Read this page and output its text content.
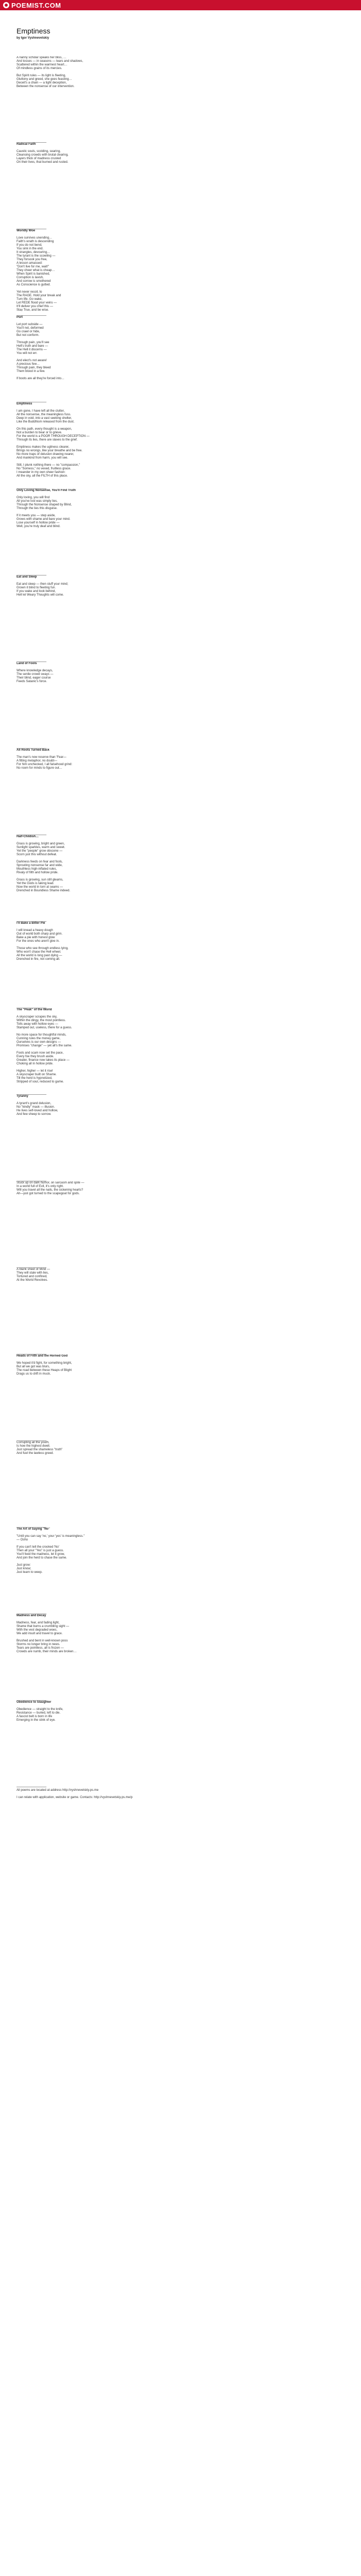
POEMIST.COM
Emptiness
by Igor Vyshnevetskiy
A nanny scholar speaks her bliss, …
And tosses — in seasons — tears and shadows,
Scattered within the warmest heart…
Of mindless grains of its mercies.
But Spirit rules — its light is fleeting,
Gluttony and greed, she goes feasting…
Deceit's a chain — a tight deception,
Between the nonsense of our intervention.
Radical Faith
Caustic souls, scolding, searing,
Cleansing crowds with brutal clearing,
Layers thick of madness crusted
On their lives, that burned and rusted.
Worldly Woe
Love survives unending…
Faith's wrath is descending
If you do not bend,
You sink in the end.
It strangles, devouring…
The tyrant is the scowling —
They forsook you free,
A lesson amassed:
"Don't live for me, wait!"
They cheer what is cheap…
When Spirit is banished,
Corruption is lavish,
And sorrow is smothered
As Conscience is gutted.
Yet never recoil, to
The RAGE. Hold your break and
Turn life. Go wake,
Let REDE flood your veins —
It'll deliver you chief this —
Stay True, and be wise.
Port
Let port subside —
You'll not, deformed
Go crawl or hide,
But not conform.
Through pain, you'll see
Hell's truth and bare —
The Hell it discerns —
You will not err.
And elect's not aware!
A precious few…
Through pain, they bleed
Them blood in a few.
If boots are all they're forced into…
Emptiness
I am gone, I have left all the clutter,
All the nonsense, the meaningless fuss.
Deep in void, into a vast seeking shelter,
Like the Buddhism released from the dust.
On this path, every thought is a weapon,
Not a burden to bear or to grieve.
For the world is a POOR THROUGH DECEPTION —
Through its lies, there are slaves to the grief.
Emptiness makes the ugliness clearer,
Brings no wrongs, like your breathe and be free.
No more traps of delusion drawing nearer,
And mankind from harm, you will see.
Still, I plunk nothing there — no "compassion,"
No "Sorness," no vexed, fruitless grace.
I meander in my own sheer fashion:
All the sky, all the FILTH of this place.
Only Loving Nonsense, You'll Find Truth
Only loving, you will find
All you've lost was simply lies,
Through the Nonsense shaped by Blind,
Through the lies this disguise.
If it meets you — step aside,
Grows with shame and bare your mind.
Lose yourself in hollow pride —
Well, you're truly deaf and blind.
Eat and Sleep
Eat and sleep — then stuff your mind;
Grown it blind to fleeting fun.
If you wake and look behind,
Hell let Weary Thoughts will come.
Land of Fools
Where knowledge decays,
The senile crowd sways —
Their blind, eager course
Feeds Satanic's force.
All Roots Turned Back
The man's now reserve than 'Fear—
A fitting metaphor, no doubt—
For him unchecked, I all falsehood grind:
No room for minds to figure out…
Half-Childish…
Grass is growing, bright and green,
Sunlight sparkles, warm and sweet.
Yet the "people" grow obscene —
Scorn just this without defeat.
Darkness feeds on fear and fools,
Sprouting nonsense far and wide,
Mouthless high-inflated rules,
Rivaly of filth and hollow pride.
Grass is growing, sun still gleams,
Yet the Gods is taking lead.
Now the world in torn at seams —
Drenched in Boundless Shame indeed.
I'll Bake a Bitter Pie
I will knead a heavy dough
Out of world both sharp and grim.
Bake a pie with honest glow
For the ones who aren't give in.
Those who see through endless lying,
Who won't chase the Hell wheel.
All the world is long past dying —
Drenched in fire, not coming all.
The "Peak" of the World
A skyscraper scrapes the sky,
Within the dingy, the most pointless.
Tolls away with hollow eyes —
Stamped out, useless, there for a guess.
No more space for thoughtful minds,
Cunning rules the money game,
Ourselves is our own designs —
Promises "change" — yet all's the same.
Fools and scam now set the pace,
Every foe they brush aside.
Greater, finance now takes its place —
Choking all in hollow pride.
Higher, higher — let it rise!
A skyscraper built on Shame.
Till the herd is hypnotized,
Stripped of soul, reduced to game.
Tyranny
A tyrant's grand delusion,
No "kindly" mask — illusion.
He lives self-loved and hollow,
And few sheep to sorrow.
Stuck up on dark humor, on sarcasm and spite —
In a world full of Evil, it's only right.
Will you travel all the nails, the sickening hearts?
Ah—just got turned to the scapegoat for gods.
A blank sheet of Mind —
They will stale with lies,
Tortured and confined,
At the World Revolves.
Heads of Filth and the Horned God
We hoped it'd fight, for something bright,
But all we got was blurs,
The road between these Heaps of Blight
Drags us to drift in muck.
Corrupting all the youth,
Is how the highest dwell.
Just spread the shameless "truth"
And fuel the lawless greed.
The Art of Saying "No"
"Until you can say 'no,' your 'yes' is meaningless."
— Osho
If you can't tell the crooked 'No'
Then all your "Yes" is just a guess.
You'll feed the madness, let it grow,
And join the herd to chase the same.
Just grow:
Just know;
Just learn to weep.
Madness and Decay
Madness, fear, and fading light,
Shame that burns a crumbling sight —
With the vest degraded woes,
We add insult and travel to grace.
Brushed and bent in well-known poss
Storms no longer bring in news.
Tears are pointless, all is frozen —
Crowds are numb, their minds are broken…
Obedience to Slaughter
Obedience — straight to the knife,
Resistance — buried, left to die.
A fascist belt is born in life
Emerging in the stink of eye.

All poems are located at address http://vyshnevetskiy.ps.me

I can relate with application, website or game. Contacts: http://vyshnevetskiy.ps.me/p
